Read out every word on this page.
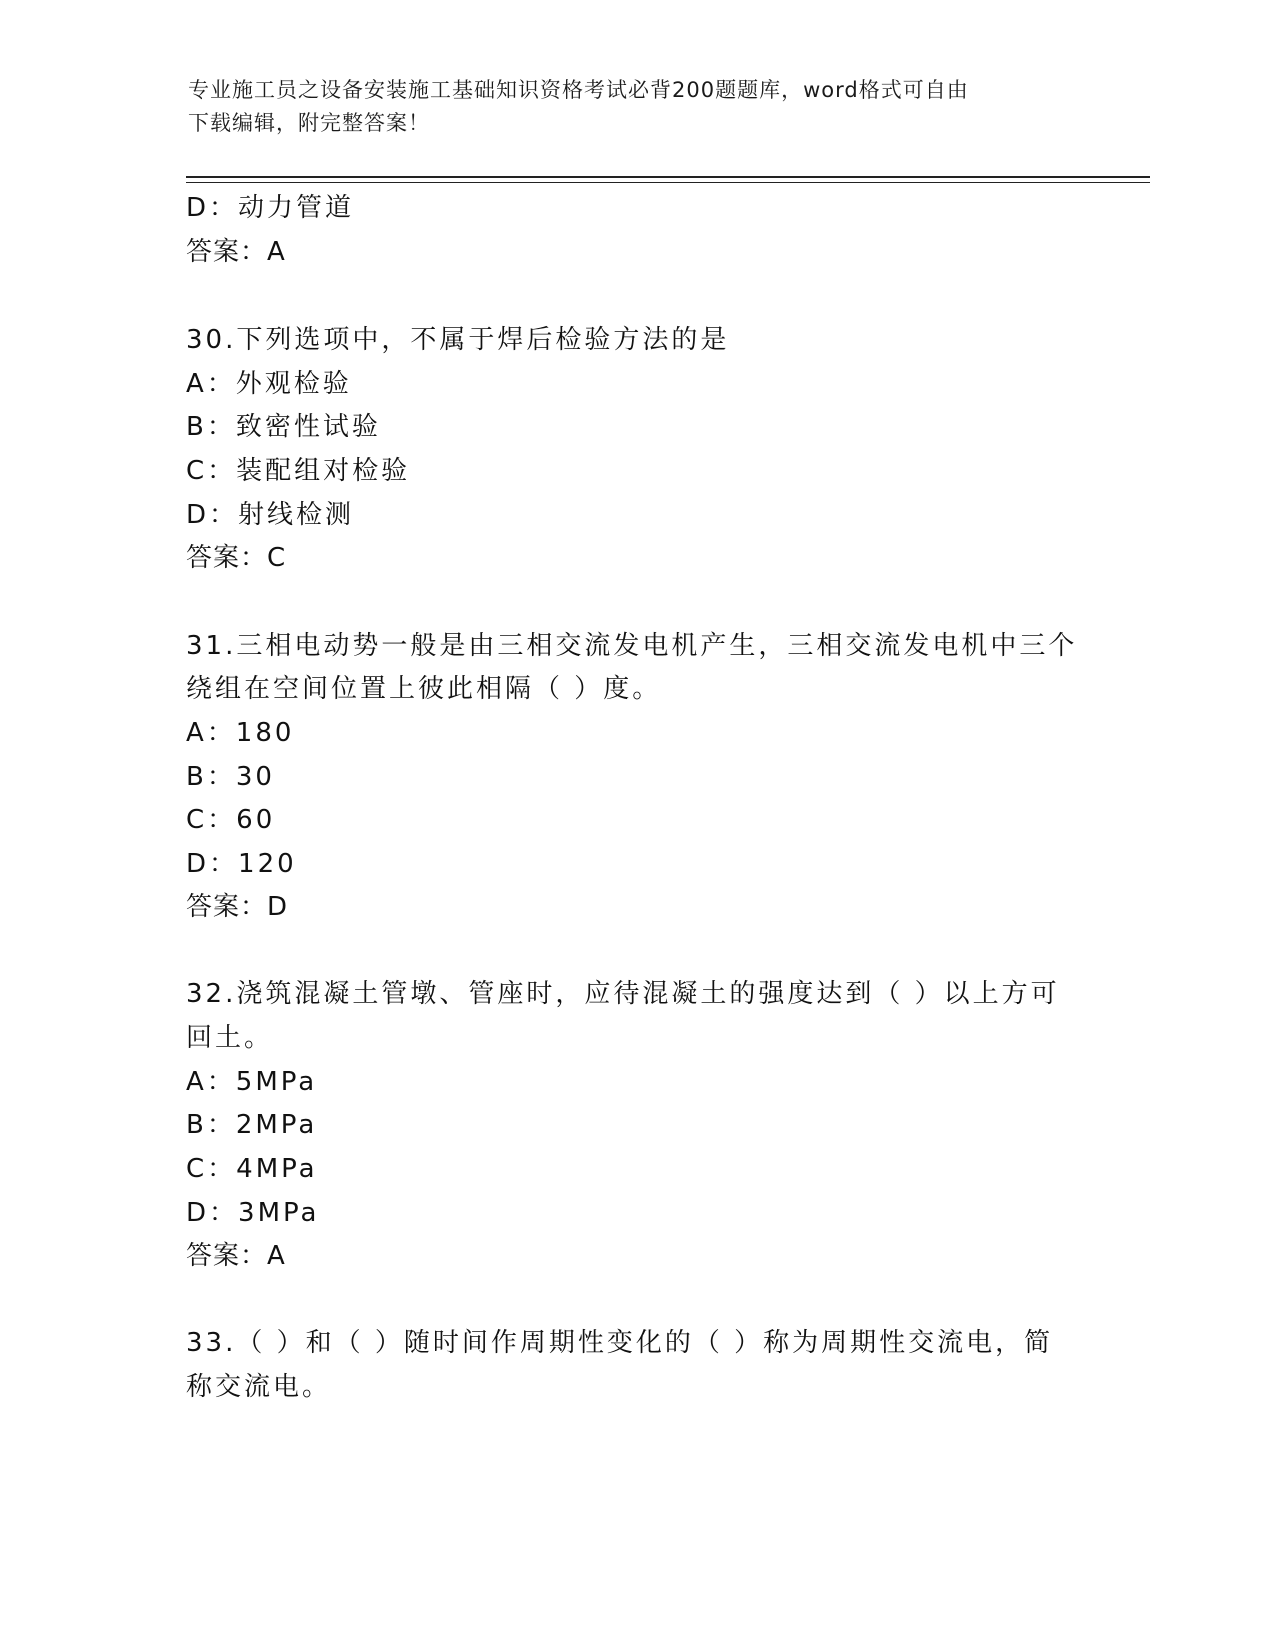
专业施工员之设备安装施工基础知识资格考试必背200题题库，word格式可自由
下载编辑，附完整答案！
D：动力管道
答案：A
30.下列选项中，不属于焊后检验方法的是
A：外观检验
B：致密性试验
C：装配组对检验
D：射线检测
答案：C
31.三相电动势一般是由三相交流发电机产生，三相交流发电机中三个
绕组在空间位置上彼此相隔（ ）度。
A：180
B：30
C：60
D：120
答案：D
32.浇筑混凝土管墩、管座时，应待混凝土的强度达到（ ）以上方可
回土。
A：5MPa
B：2MPa
C：4MPa
D：3MPa
答案：A
33.（ ）和（ ）随时间作周期性变化的（ ）称为周期性交流电，简
称交流电。
